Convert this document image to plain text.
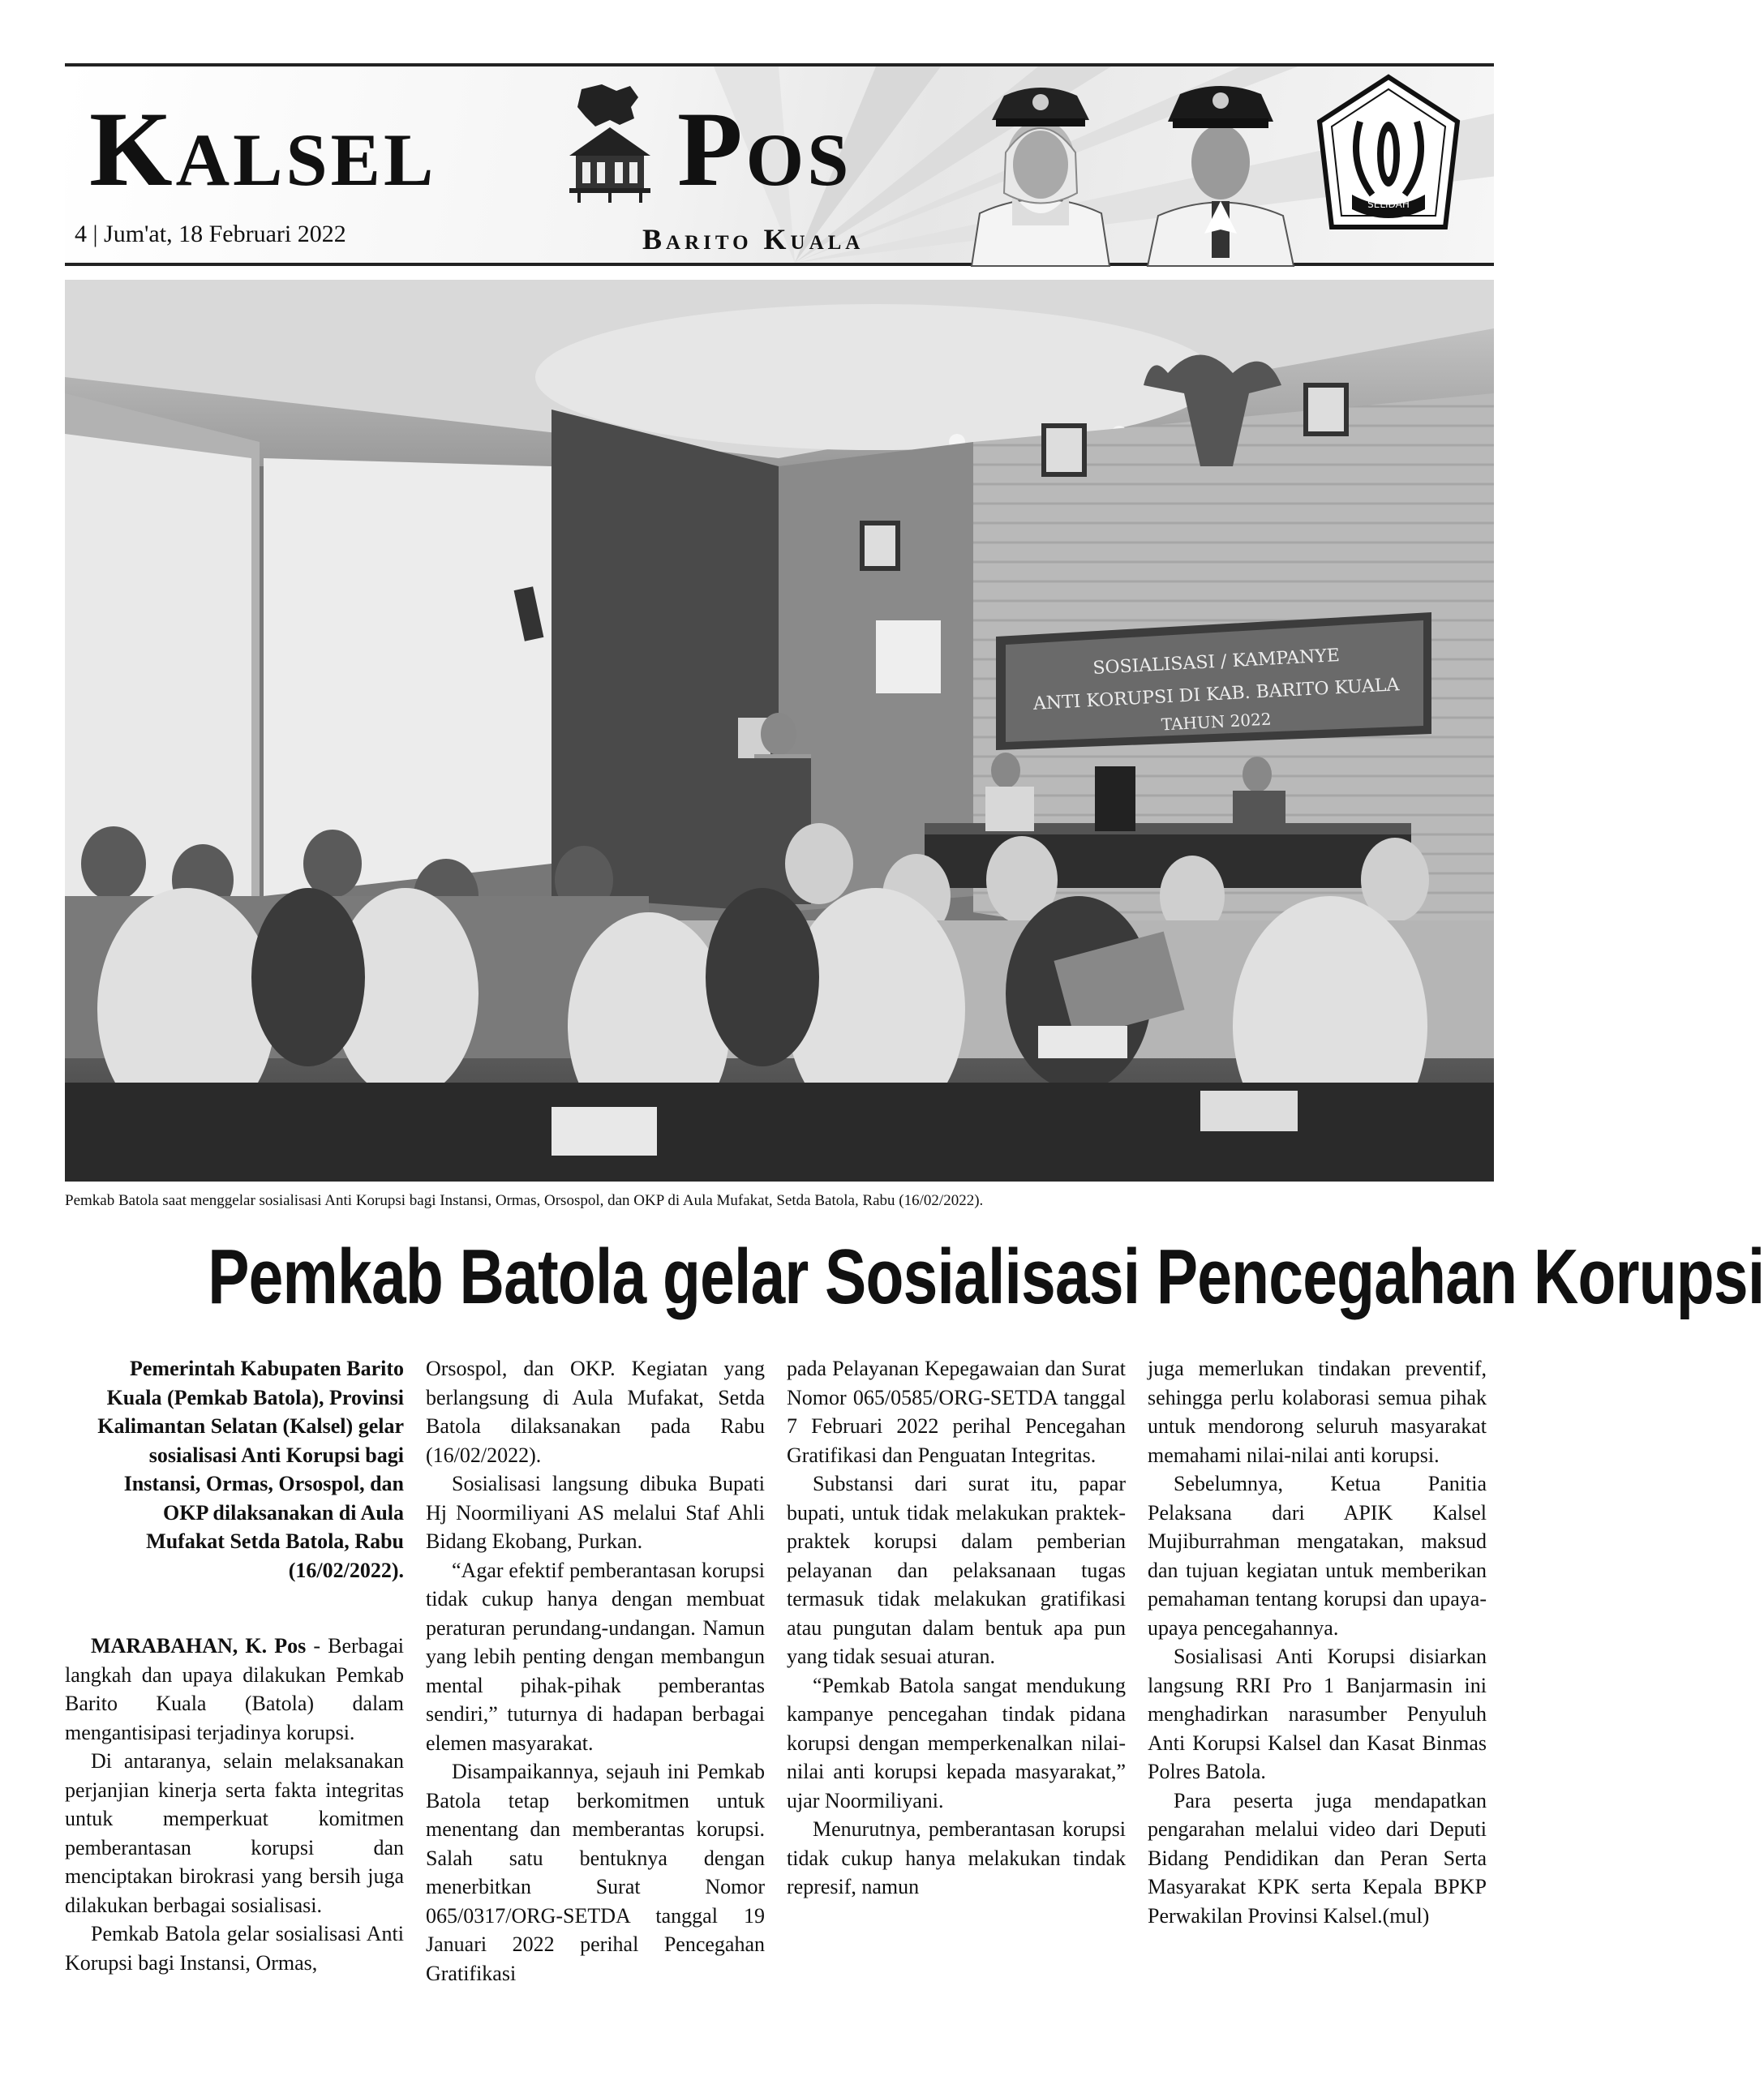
Kalsel Pos
4 | Jum'at, 18 Februari 2022	Barito Kuala
SELIDAH
SOSIALISASI / KAMPANYE
ANTI KORUPSI DI KAB. BARITO KUALA
TAHUN 2022
Pemkab Batola saat menggelar sosialisasi Anti Korupsi bagi Instansi, Ormas, Orsospol, dan OKP di Aula Mufakat, Setda Batola, Rabu (16/02/2022).
Pemkab Batola gelar Sosialisasi Pencegahan Korupsi

Pemerintah Kabupaten Barito Kuala (Pemkab Batola), Provinsi Kalimantan Selatan (Kalsel) gelar sosialisasi Anti Korupsi bagi Instansi, Ormas, Orsospol, dan OKP dilaksanakan di Aula Mufakat Setda Batola, Rabu (16/02/2022).

MARABAHAN, K. Pos - Berbagai langkah dan upaya dilakukan Pemkab Barito Kuala (Batola) dalam mengantisipasi terjadinya korupsi.

Di antaranya, selain melaksanakan perjanjian kinerja serta fakta integritas untuk memperkuat komitmen pemberantasan korupsi dan menciptakan birokrasi yang bersih juga dilakukan berbagai sosialisasi.

Pemkab Batola gelar sosialisasi Anti Korupsi bagi Instansi, Ormas,

Orsospol, dan OKP. Kegiatan yang berlangsung di Aula Mufakat, Setda Batola dilaksanakan pada Rabu (16/02/2022).

Sosialisasi langsung dibuka Bupati Hj Noormiliyani AS melalui Staf Ahli Bidang Ekobang, Purkan.

“Agar efektif pemberantasan korupsi tidak cukup hanya dengan membuat peraturan perundang-undangan. Namun yang lebih penting dengan membangun mental pihak-pihak pemberantas sendiri,” tuturnya di hadapan berbagai elemen masyarakat.

Disampaikannya, sejauh ini Pemkab Batola tetap berkomitmen untuk menentang dan memberantas korupsi. Salah satu bentuknya dengan menerbitkan Surat Nomor 065/0317/ORG-SETDA tanggal 19 Januari 2022 perihal Pencegahan Gratifikasi

pada Pelayanan Kepegawaian dan Surat Nomor 065/0585/ORG-SETDA tanggal 7 Februari 2022 perihal Pencegahan Gratifikasi dan Penguatan Integritas.

Substansi dari surat itu, papar bupati, untuk tidak melakukan praktek-praktek korupsi dalam pemberian pelayanan dan pelaksanaan tugas termasuk tidak melakukan gratifikasi atau pungutan dalam bentuk apa pun yang tidak sesuai aturan.

“Pemkab Batola sangat mendukung kampanye pencegahan tindak pidana korupsi dengan memperkenalkan nilai-nilai anti korupsi kepada masyarakat,” ujar Noormiliyani.

Menurutnya, pemberantasan korupsi tidak cukup hanya melakukan tindak represif, namun

juga memerlukan tindakan preventif, sehingga perlu kolaborasi semua pihak untuk mendorong seluruh masyarakat memahami nilai-nilai anti korupsi.

Sebelumnya, Ketua Panitia Pelaksana dari APIK Kalsel Mujiburrahman mengatakan, maksud dan tujuan kegiatan untuk memberikan pemahaman tentang korupsi dan upaya-upaya pencegahannya.

Sosialisasi Anti Korupsi disiarkan langsung RRI Pro 1 Banjarmasin ini menghadirkan narasumber Penyuluh Anti Korupsi Kalsel dan Kasat Binmas Polres Batola.

Para peserta juga mendapatkan pengarahan melalui video dari Deputi Bidang Pendidikan dan Peran Serta Masyarakat KPK serta Kepala BPKP Perwakilan Provinsi Kalsel.(mul)
